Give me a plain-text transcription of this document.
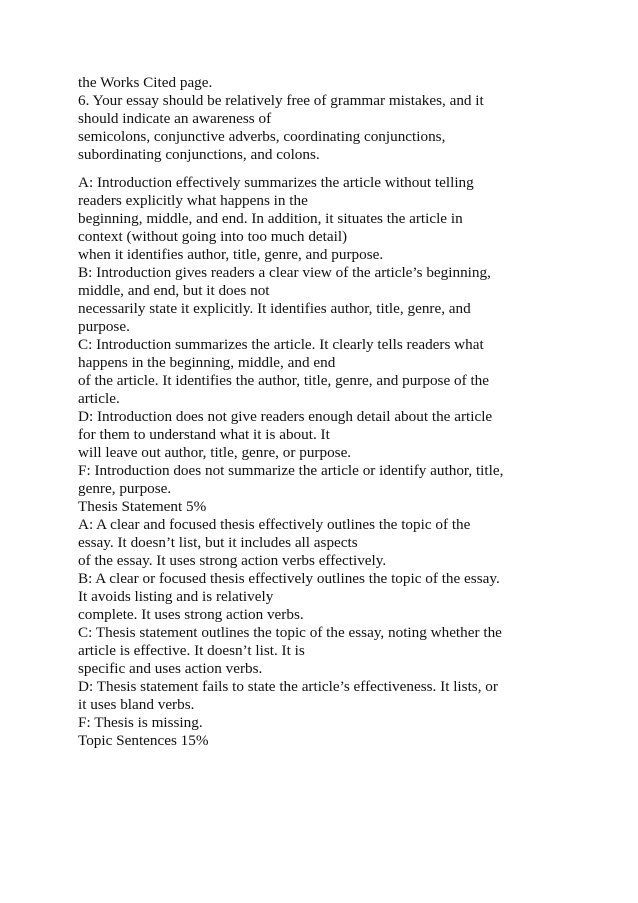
the Works Cited page.
6. Your essay should be relatively free of grammar mistakes, and it
should indicate an awareness of
semicolons, conjunctive adverbs, coordinating conjunctions,
subordinating conjunctions, and colons.
A: Introduction effectively summarizes the article without telling
readers explicitly what happens in the
beginning, middle, and end. In addition, it situates the article in
context (without going into too much detail)
when it identifies author, title, genre, and purpose.
B: Introduction gives readers a clear view of the article’s beginning,
middle, and end, but it does not
necessarily state it explicitly. It identifies author, title, genre, and
purpose.
C: Introduction summarizes the article. It clearly tells readers what
happens in the beginning, middle, and end
of the article. It identifies the author, title, genre, and purpose of the
article.
D: Introduction does not give readers enough detail about the article
for them to understand what it is about. It
will leave out author, title, genre, or purpose.
F: Introduction does not summarize the article or identify author, title,
genre, purpose.
Thesis Statement 5%
A: A clear and focused thesis effectively outlines the topic of the
essay. It doesn’t list, but it includes all aspects
of the essay. It uses strong action verbs effectively.
B: A clear or focused thesis effectively outlines the topic of the essay.
It avoids listing and is relatively
complete. It uses strong action verbs.
C: Thesis statement outlines the topic of the essay, noting whether the
article is effective. It doesn’t list. It is
specific and uses action verbs.
D: Thesis statement fails to state the article’s effectiveness. It lists, or
it uses bland verbs.
F: Thesis is missing.
Topic Sentences 15%
